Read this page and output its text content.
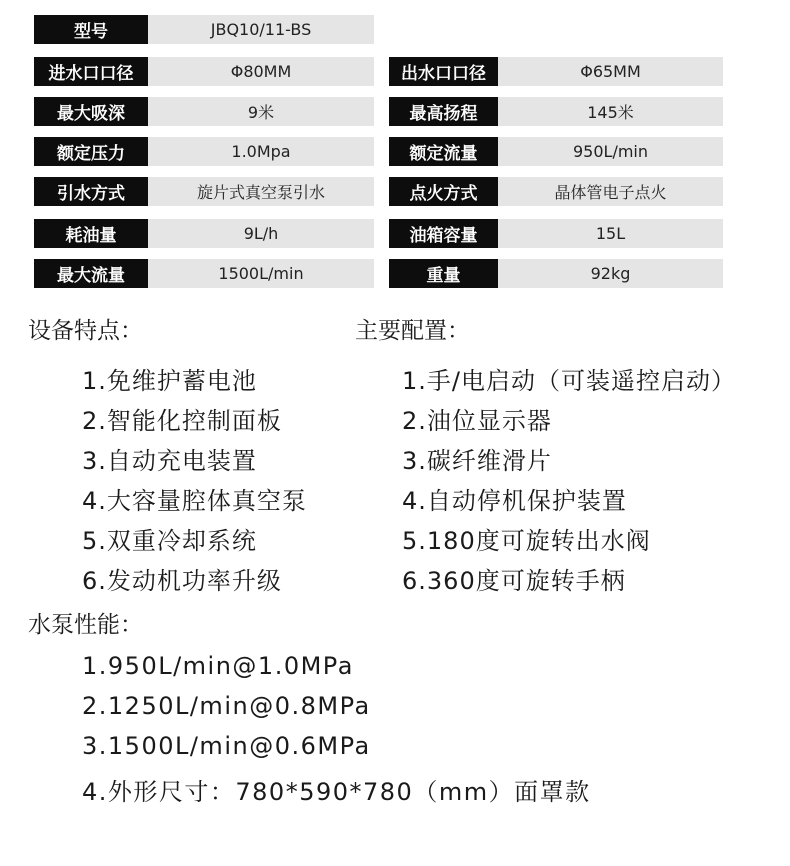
型号	JBQ10/11-BS
进水口口径	Φ80MM	出水口口径	Φ65MM
最大吸深	9米	最高扬程	145米
额定压力	1.0Mpa	额定流量	950L/min
引水方式	旋片式真空泵引水	点火方式	晶体管电子点火
耗油量	9L/h	油箱容量	15L
最大流量	1500L/min	重量	92kg
设备特点：
1.免维护蓄电池
2.智能化控制面板
3.自动充电装置
4.大容量腔体真空泵
5.双重冷却系统
6.发动机功率升级
主要配置：
1.手/电启动（可装遥控启动）
2.油位显示器
3.碳纤维滑片
4.自动停机保护装置
5.180度可旋转出水阀
6.360度可旋转手柄
水泵性能：
1.950L/min@1.0MPa
2.1250L/min@0.8MPa
3.1500L/min@0.6MPa
4.外形尺寸：780*590*780（mm）面罩款
